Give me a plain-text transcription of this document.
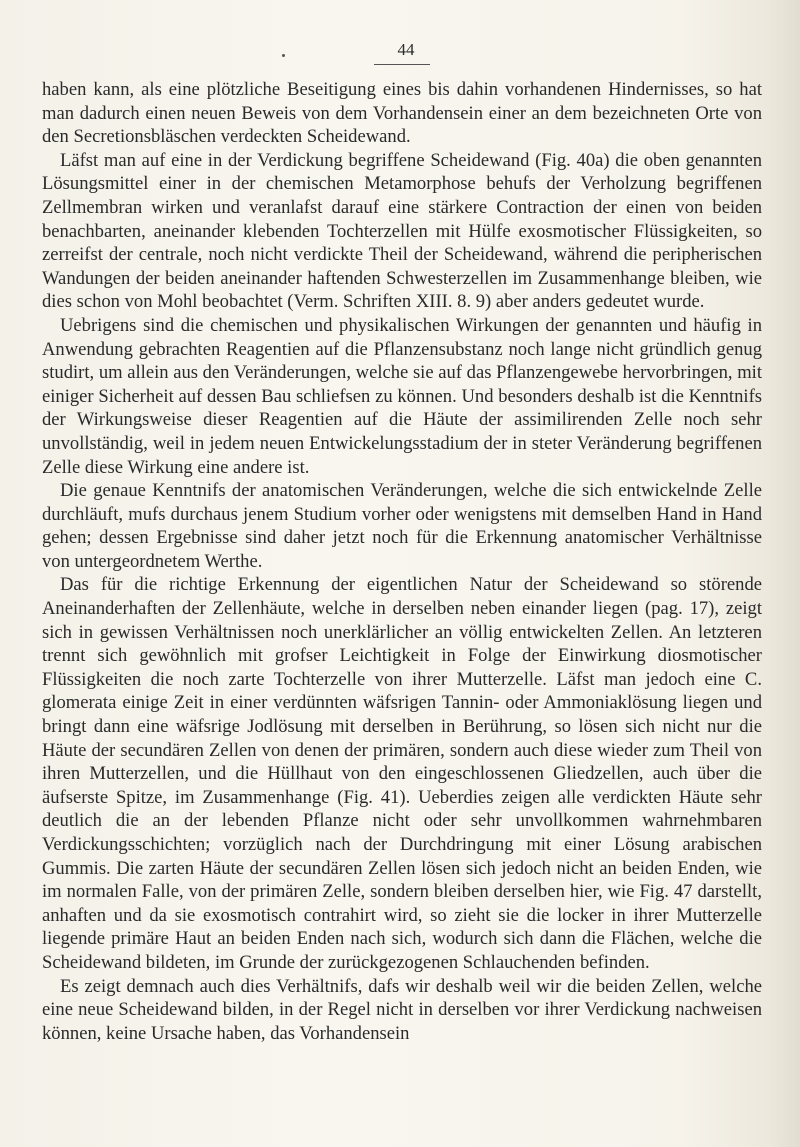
44

haben kann, als eine plötzliche Beseitigung eines bis dahin vorhandenen Hindernisses, so hat man dadurch einen neuen Beweis von dem Vorhandensein einer an dem bezeichneten Orte von den Secretionsbläschen verdeckten Scheidewand.

Läfst man auf eine in der Verdickung begriffene Scheidewand (Fig. 40a) die oben genannten Lösungsmittel einer in der chemischen Metamorphose behufs der Verholzung begriffenen Zellmembran wirken und veranlafst darauf eine stärkere Contraction der einen von beiden benachbarten, aneinander klebenden Tochterzellen mit Hülfe exosmotischer Flüssigkeiten, so zerreifst der centrale, noch nicht verdickte Theil der Scheidewand, während die peripherischen Wandungen der beiden aneinander haftenden Schwesterzellen im Zusammenhange bleiben, wie dies schon von Mohl beobachtet (Verm. Schriften XIII. 8. 9) aber anders gedeutet wurde.

Uebrigens sind die chemischen und physikalischen Wirkungen der genannten und häufig in Anwendung gebrachten Reagentien auf die Pflanzensubstanz noch lange nicht gründlich genug studirt, um allein aus den Veränderungen, welche sie auf das Pflanzengewebe hervorbringen, mit einiger Sicherheit auf dessen Bau schliefsen zu können. Und besonders deshalb ist die Kenntnifs der Wirkungsweise dieser Reagentien auf die Häute der assimilirenden Zelle noch sehr unvollständig, weil in jedem neuen Entwickelungsstadium der in steter Veränderung begriffenen Zelle diese Wirkung eine andere ist.

Die genaue Kenntnifs der anatomischen Veränderungen, welche die sich entwickelnde Zelle durchläuft, mufs durchaus jenem Studium vorher oder wenigstens mit demselben Hand in Hand gehen; dessen Ergebnisse sind daher jetzt noch für die Erkennung anatomischer Verhältnisse von untergeordnetem Werthe.

Das für die richtige Erkennung der eigentlichen Natur der Scheidewand so störende Aneinanderhaften der Zellenhäute, welche in derselben neben einander liegen (pag. 17), zeigt sich in gewissen Verhältnissen noch unerklärlicher an völlig entwickelten Zellen. An letzteren trennt sich gewöhnlich mit grofser Leichtigkeit in Folge der Einwirkung diosmotischer Flüssigkeiten die noch zarte Tochterzelle von ihrer Mutterzelle. Läfst man jedoch eine C. glomerata einige Zeit in einer verdünnten wäfsrigen Tannin- oder Ammoniaklösung liegen und bringt dann eine wäfsrige Jodlösung mit derselben in Berührung, so lösen sich nicht nur die Häute der secundären Zellen von denen der primären, sondern auch diese wieder zum Theil von ihren Mutterzellen, und die Hüllhaut von den eingeschlossenen Gliedzellen, auch über die äufserste Spitze, im Zusammenhange (Fig. 41). Ueberdies zeigen alle verdickten Häute sehr deutlich die an der lebenden Pflanze nicht oder sehr unvollkommen wahrnehmbaren Verdickungsschichten; vorzüglich nach der Durchdringung mit einer Lösung arabischen Gummis. Die zarten Häute der secundären Zellen lösen sich jedoch nicht an beiden Enden, wie im normalen Falle, von der primären Zelle, sondern bleiben derselben hier, wie Fig. 47 darstellt, anhaften und da sie exosmotisch contrahirt wird, so zieht sie die locker in ihrer Mutterzelle liegende primäre Haut an beiden Enden nach sich, wodurch sich dann die Flächen, welche die Scheidewand bildeten, im Grunde der zurückgezogenen Schlauchenden befinden.

Es zeigt demnach auch dies Verhältnifs, dafs wir deshalb weil wir die beiden Zellen, welche eine neue Scheidewand bilden, in der Regel nicht in derselben vor ihrer Verdickung nachweisen können, keine Ursache haben, das Vorhandensein
